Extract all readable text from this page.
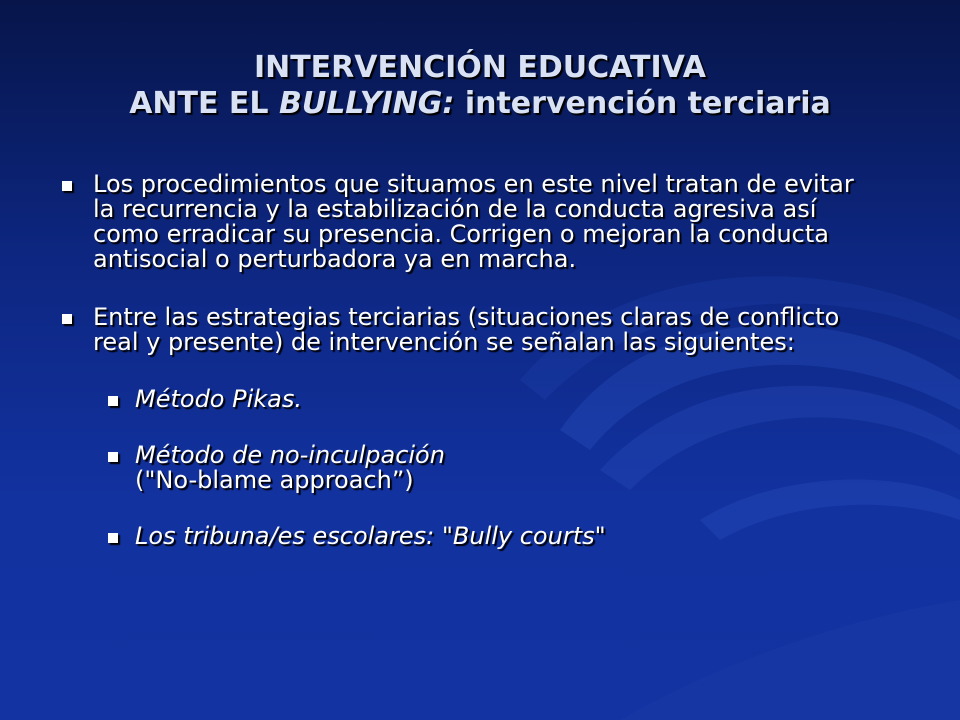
INTERVENCIÓN EDUCATIVA
ANTE EL BULLYING: intervención terciaria
Los procedimientos que situamos en este nivel tratan de evitar la recurrencia y la estabilización de la conducta agresiva así como erradicar su presencia. Corrigen o mejoran la conducta antisocial o perturbadora ya en marcha.
Entre las estrategias terciarias (situaciones claras de conflicto real y presente) de intervención se señalan las siguientes:
Método Pikas.
Método de no-inculpación
("No-blame approach”)
Los tribuna/es escolares: "Bully courts"
